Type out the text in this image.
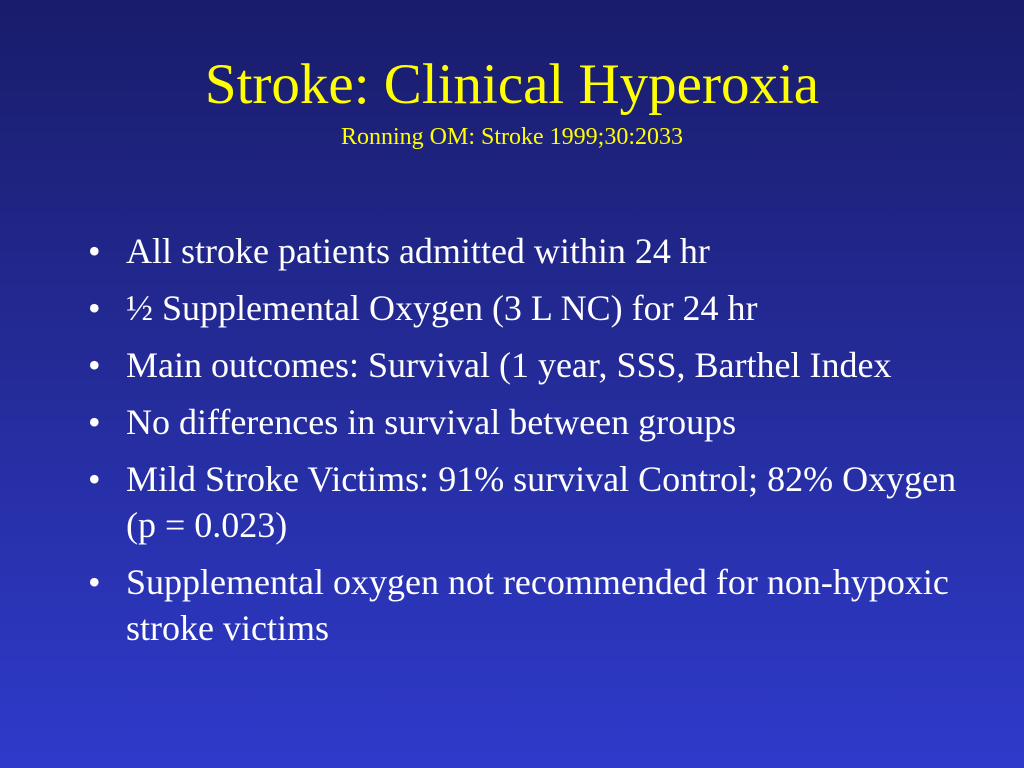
Stroke: Clinical Hyperoxia

Ronning OM: Stroke 1999;30:2033

• All stroke patients admitted within 24 hr
• ½ Supplemental Oxygen (3 L NC) for 24 hr
• Main outcomes: Survival (1 year, SSS, Barthel Index
• No differences in survival between groups
• Mild Stroke Victims: 91% survival Control; 82% Oxygen (p = 0.023)
• Supplemental oxygen not recommended for non-hypoxic stroke victims
